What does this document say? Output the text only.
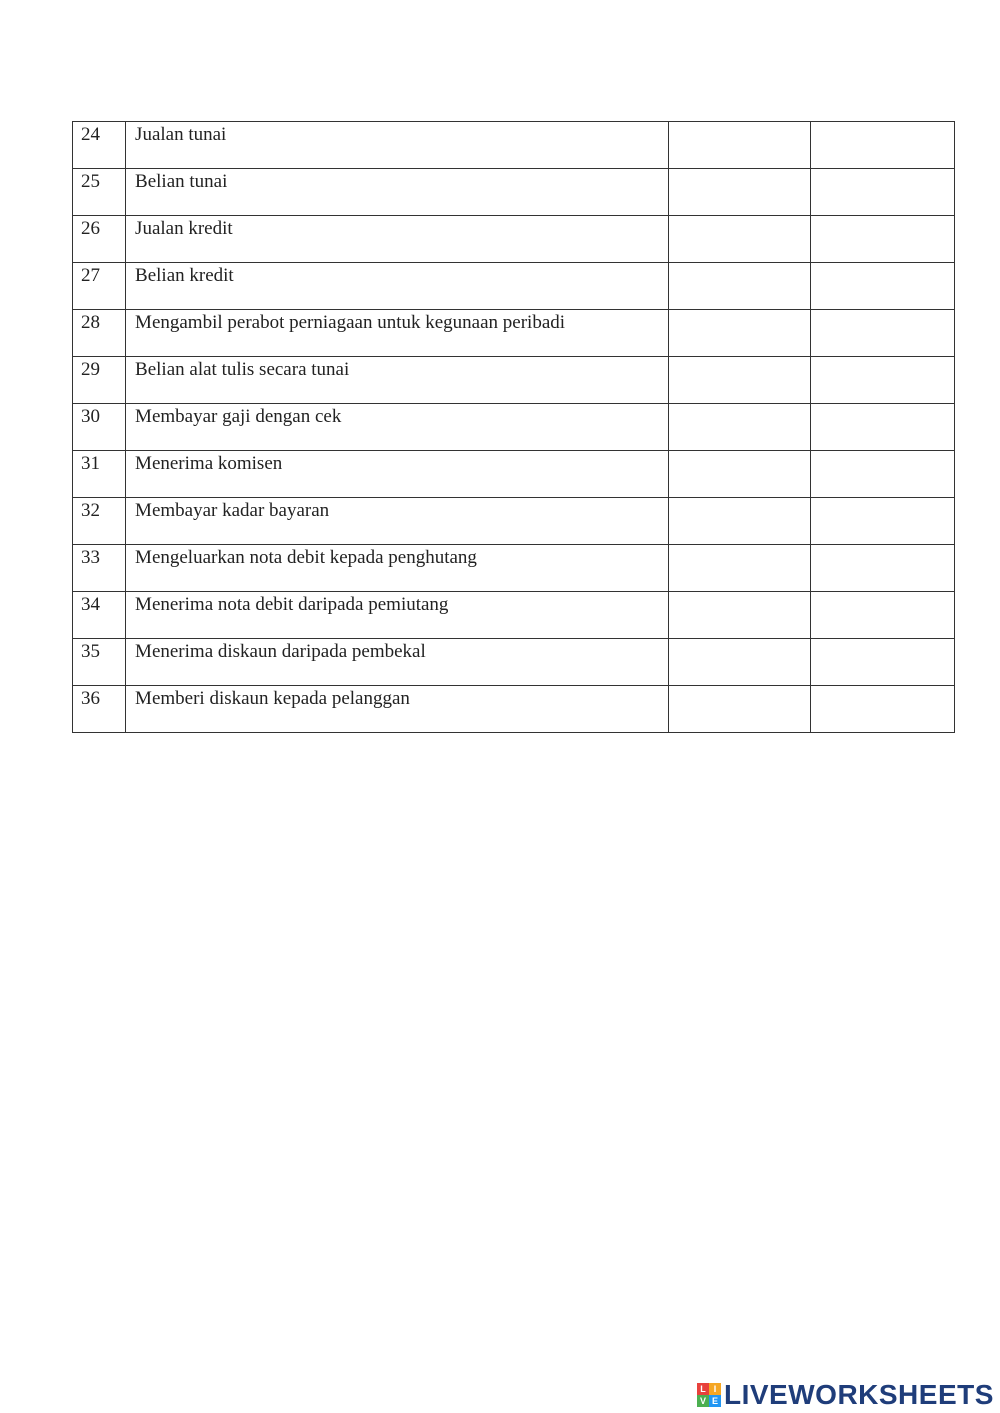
24	Jualan tunai		

25	Belian tunai		

26	Jualan kredit		

27	Belian kredit		

28	Mengambil perabot perniagaan untuk kegunaan peribadi		

29	Belian alat tulis secara tunai		

30	Membayar gaji dengan cek		

31	Menerima komisen		

32	Membayar kadar bayaran		

33	Mengeluarkan nota debit kepada penghutang		

34	Menerima nota debit daripada pemiutang		

35	Menerima diskaun daripada pembekal		

36	Memberi diskaun kepada pelanggan		

L I
V E LIVEWORKSHEETS
